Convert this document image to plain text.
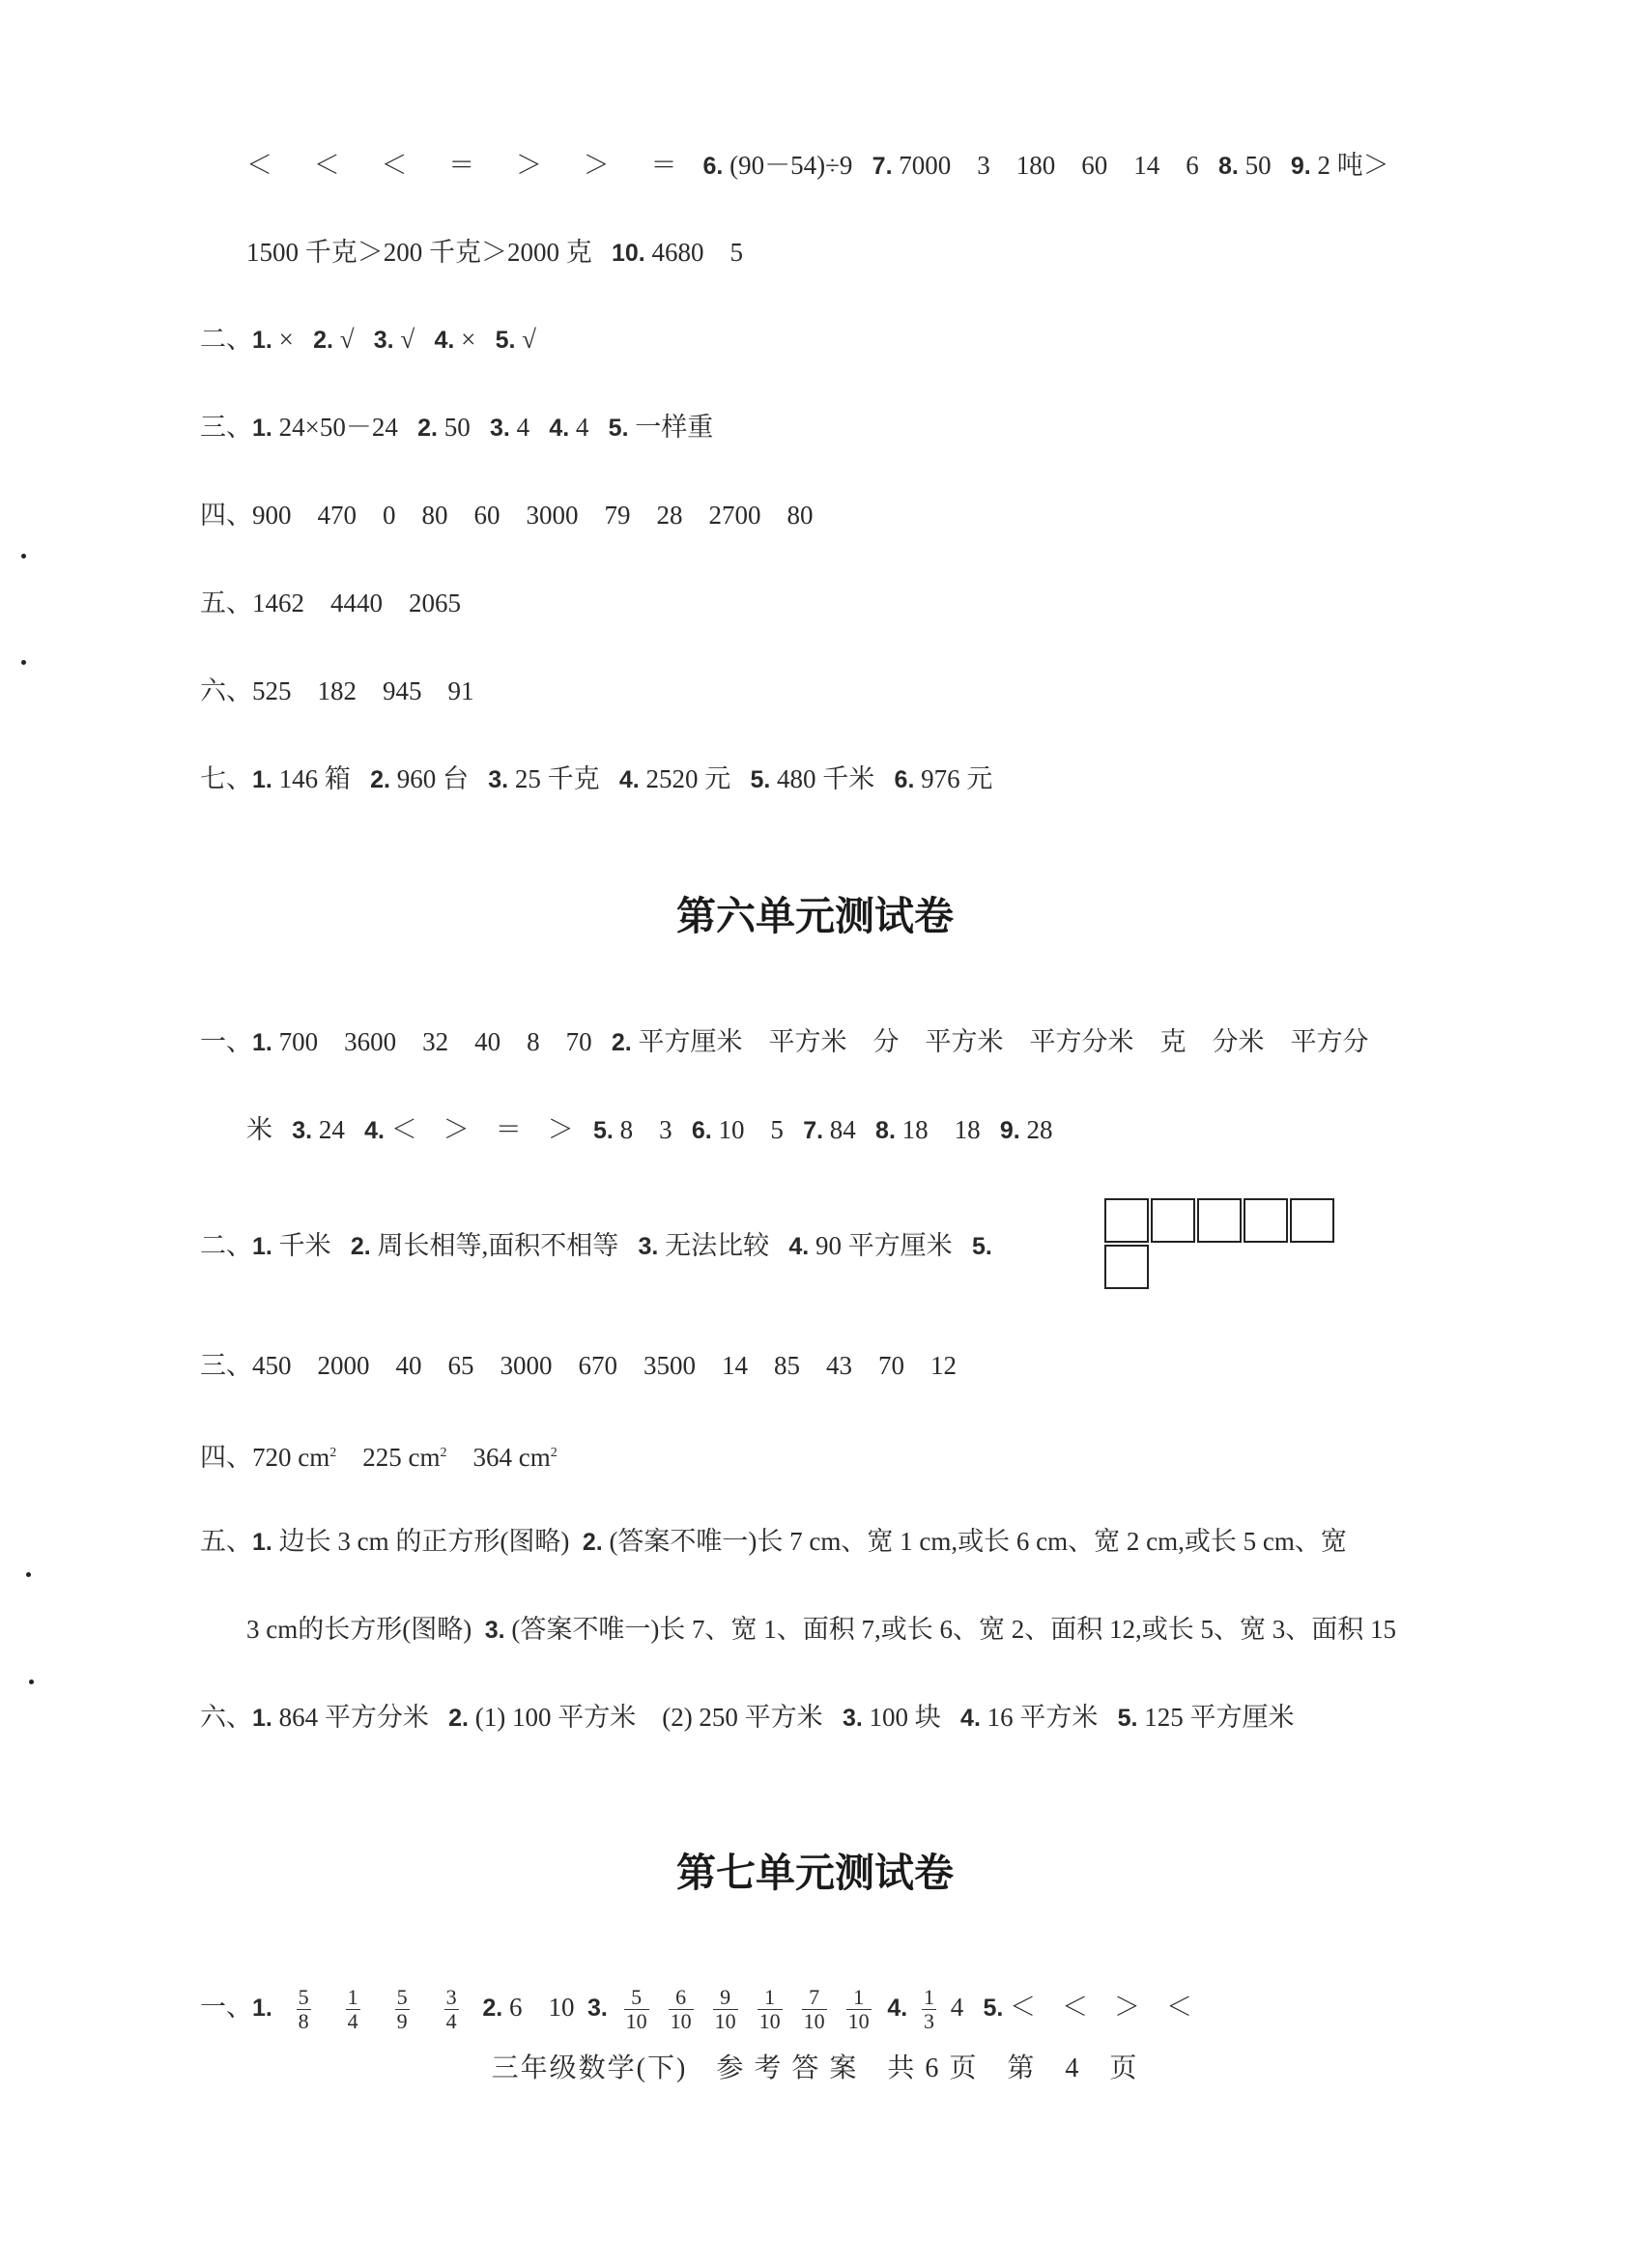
＜ ＜ ＜ ＝ ＞ ＞ ＝ 6. (90－54)÷9 7. 7000　3　180　60　14　6 8. 50 9. 2 吨＞
1500 千克＞200 千克＞2000 克 10. 4680　5
二、1. × 2. √ 3. √ 4. × 5. √
三、1. 24×50－24 2. 50 3. 4 4. 4 5. 一样重
四、900　470　0　80　60　3000　79　28　2700　80
五、1462　4440　2065
六、525　182　945　91
七、1. 146 箱 2. 960 台 3. 25 千克 4. 2520 元 5. 480 千米 6. 976 元
第六单元测试卷
一、1. 700　3600　32　40　8　70 2. 平方厘米　平方米　分　平方米　平方分米　克　分米　平方分
米 3. 24 4. ＜　＞　＝　＞ 5. 8　3 6. 10　5 7. 84 8. 18　18 9. 28
二、1. 千米 2. 周长相等,面积不相等 3. 无法比较 4. 90 平方厘米 5.
三、450　2000　40　65　3000　670　3500　14　85　43　70　12
四、720 $cm^2$ 225 $cm^2$ 364 $cm^2$
五、1. 边长 3 cm 的正方形(图略) 2. (答案不唯一)长 7 cm、宽 1 cm,或长 6 cm、宽 2 cm,或长 5 cm、宽
3 cm的长方形(图略) 3. (答案不唯一)长 7、宽 1、面积 7,或长 6、宽 2、面积 12,或长 5、宽 3、面积 15
六、1. 864 平方分米 2. (1) 100 平方米　(2) 250 平方米 3. 100 块 4. 16 平方米 5. 125 平方厘米
第七单元测试卷
一、1. $\frac{5}{8} \frac{1}{4} \frac{5}{9} \frac{3}{4} 2$. 6　10 3. $\frac{5}{10} \frac{6}{10} \frac{9}{10} \frac{1}{10} \frac{7}{10} \frac{1}{10} 4$. $\frac{1}{3} 4$ 5. ＜　＜　＞　＜
三年级数学(下)　参 考 答 案　共 6 页　第　4　页
